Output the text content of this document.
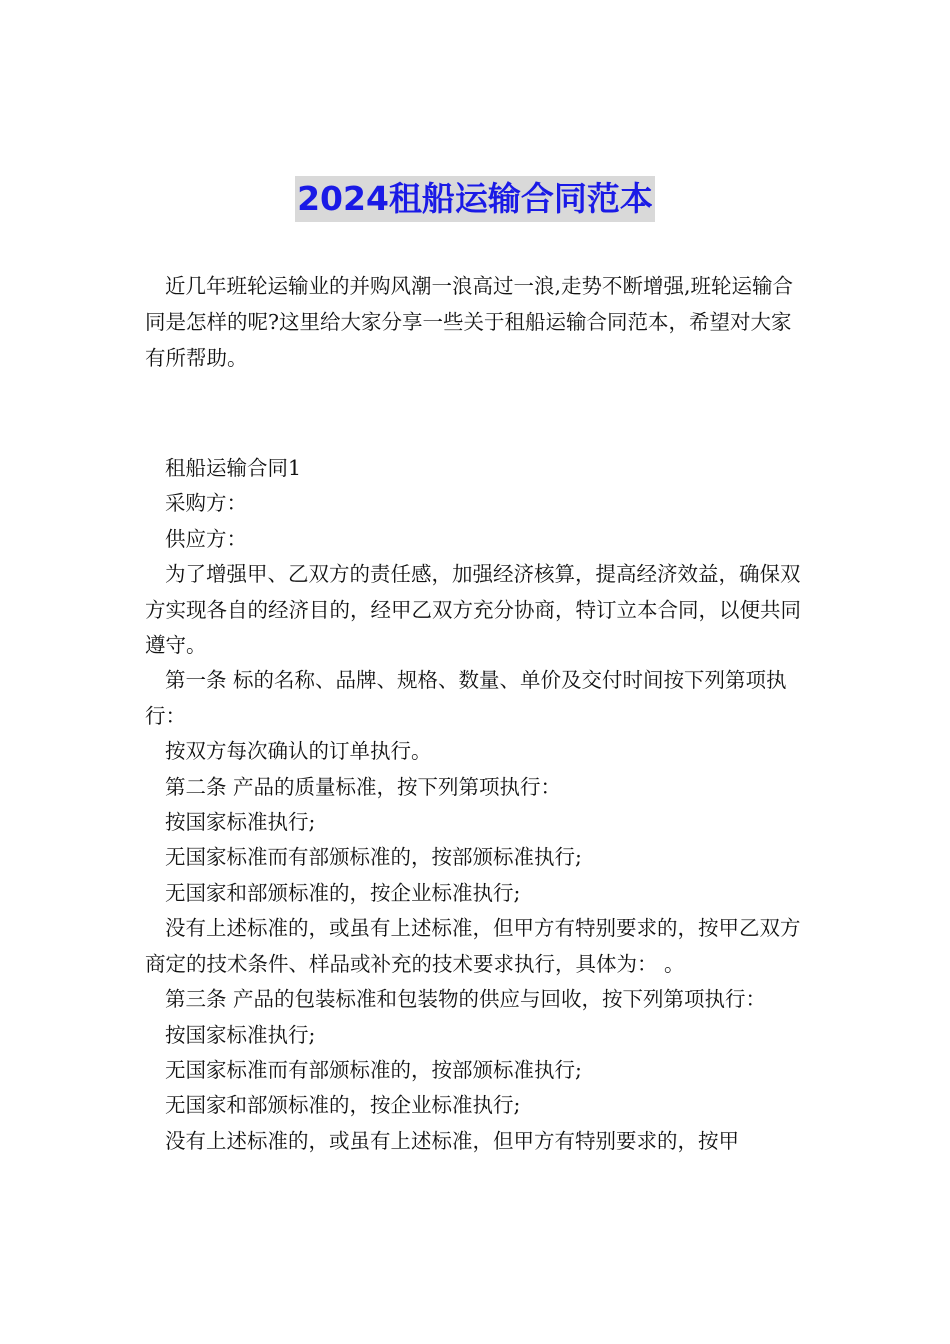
2024租船运输合同范本

近几年班轮运输业的并购风潮一浪高过一浪,走势不断增强,班轮运输合同是怎样的呢?这里给大家分享一些关于租船运输合同范本，希望对大家有所帮助。

租船运输合同1

采购方：

供应方：

为了增强甲、乙双方的责任感，加强经济核算，提高经济效益，确保双方实现各自的经济目的，经甲乙双方充分协商，特订立本合同，以便共同遵守。

第一条 标的名称、品牌、规格、数量、单价及交付时间按下列第项执行：

按双方每次确认的订单执行。

第二条 产品的质量标准，按下列第项执行：

按国家标准执行;

无国家标准而有部颁标准的，按部颁标准执行;

无国家和部颁标准的，按企业标准执行;

没有上述标准的，或虽有上述标准，但甲方有特别要求的，按甲乙双方商定的技术条件、样品或补充的技术要求执行，具体为： 。

第三条 产品的包装标准和包装物的供应与回收，按下列第项执行：

按国家标准执行;

无国家标准而有部颁标准的，按部颁标准执行;

无国家和部颁标准的，按企业标准执行;

没有上述标准的，或虽有上述标准，但甲方有特别要求的，按甲
